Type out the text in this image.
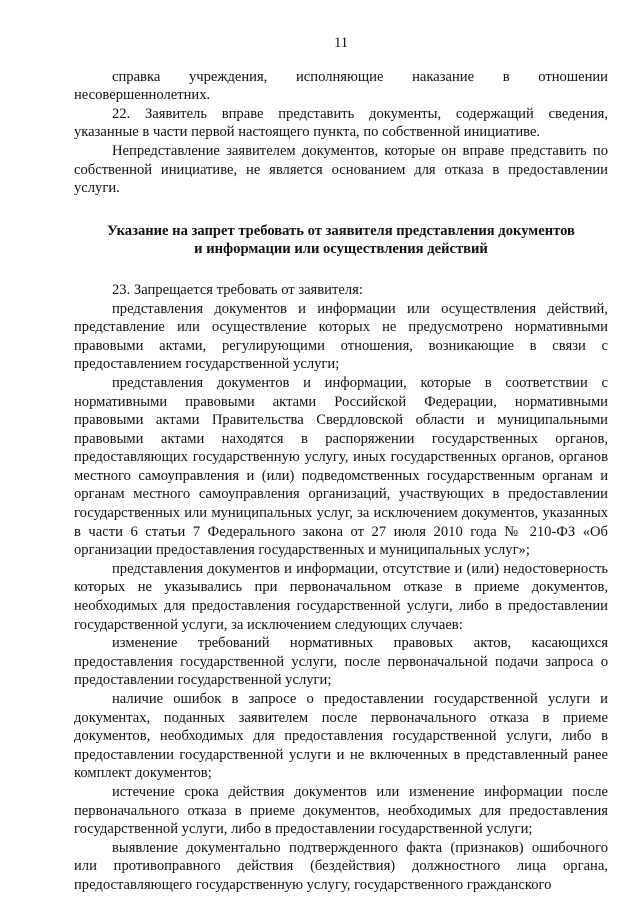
11

справка учреждения, исполняющие наказание в отношении несовершеннолетних.

22. Заявитель вправе представить документы, содержащий сведения, указанные в части первой настоящего пункта, по собственной инициативе.

Непредставление заявителем документов, которые он вправе представить по собственной инициативе, не является основанием для отказа в предоставлении услуги.

Указание на запрет требовать от заявителя представления документов
и информации или осуществления действий

23. Запрещается требовать от заявителя:

представления документов и информации или осуществления действий, представление или осуществление которых не предусмотрено нормативными правовыми актами, регулирующими отношения, возникающие в связи с предоставлением государственной услуги;

представления документов и информации, которые в соответствии с нормативными правовыми актами Российской Федерации, нормативными правовыми актами Правительства Свердловской области и муниципальными правовыми актами находятся в распоряжении государственных органов, предоставляющих государственную услугу, иных государственных органов, органов местного самоуправления и (или) подведомственных государственным органам и органам местного самоуправления организаций, участвующих в предоставлении государственных или муниципальных услуг, за исключением документов, указанных в части 6 статьи 7 Федерального закона от 27 июля 2010 года № 210-ФЗ «Об организации предоставления государственных и муниципальных услуг»;

представления документов и информации, отсутствие и (или) недостоверность которых не указывались при первоначальном отказе в приеме документов, необходимых для предоставления государственной услуги, либо в предоставлении государственной услуги, за исключением следующих случаев:

изменение требований нормативных правовых актов, касающихся предоставления государственной услуги, после первоначальной подачи запроса о предоставлении государственной услуги;

наличие ошибок в запросе о предоставлении государственной услуги и документах, поданных заявителем после первоначального отказа в приеме документов, необходимых для предоставления государственной услуги, либо в предоставлении государственной услуги и не включенных в представленный ранее комплект документов;

истечение срока действия документов или изменение информации после первоначального отказа в приеме документов, необходимых для предоставления государственной услуги, либо в предоставлении государственной услуги;

выявление документально подтвержденного факта (признаков) ошибочного или противоправного действия (бездействия) должностного лица органа, предоставляющего государственную услугу, государственного гражданского
